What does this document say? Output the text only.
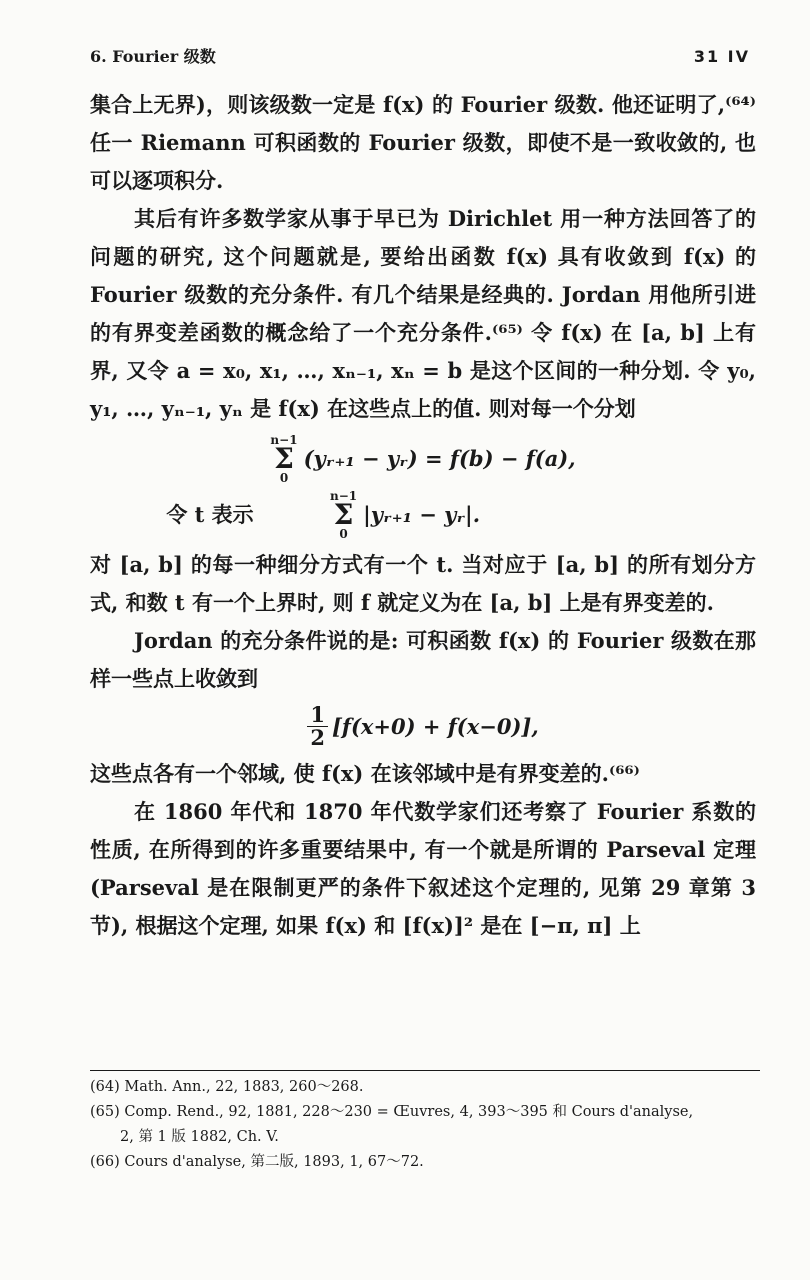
6. Fourier 级数	31 IV

集合上无界)，则该级数一定是 f(x) 的 Fourier 级数. 他还证明了,⁽⁶⁴⁾ 任一 Riemann 可积函数的 Fourier 级数，即使不是一致收敛的, 也可以逐项积分.

其后有许多数学家从事于早已为 Dirichlet 用一种方法回答了的问题的研究, 这个问题就是, 要给出函数 f(x) 具有收敛到 f(x) 的 Fourier 级数的充分条件. 有几个结果是经典的. Jordan 用他所引进的有界变差函数的概念给了一个充分条件.⁽⁶⁵⁾ 令 f(x) 在 [a, b] 上有界, 又令 a = x₀, x₁, …, xₙ₋₁, xₙ = b 是这个区间的一种分划. 令 y₀, y₁, …, yₙ₋₁, yₙ 是 f(x) 在这些点上的值. 则对每一个分划

n−1
Σ
0
(yᵣ₊₁ − yᵣ) = f(b) − f(a),
令 t 表示
n−1
Σ
0
|yᵣ₊₁ − yᵣ|.

对 [a, b] 的每一种细分方式有一个 t. 当对应于 [a, b] 的所有划分方式, 和数 t 有一个上界时, 则 f 就定义为在 [a, b] 上是有界变差的.

Jordan 的充分条件说的是: 可积函数 f(x) 的 Fourier 级数在那样一些点上收敛到

$\frac{1}{2} [f(x+0) + f(x-0)]$,

这些点各有一个邻域, 使 f(x) 在该邻域中是有界变差的.⁽⁶⁶⁾

在 1860 年代和 1870 年代数学家们还考察了 Fourier 系数的性质, 在所得到的许多重要结果中, 有一个就是所谓的 Parseval 定理 (Parseval 是在限制更严的条件下叙述这个定理的, 见第 29 章第 3 节), 根据这个定理, 如果 f(x) 和 [f(x)]² 是在 [−π, π] 上

(64) Math. Ann., 22, 1883, 260～268.
(65) Comp. Rend., 92, 1881, 228～230 = Œuvres, 4, 393～395 和 Cours d'analyse,
2, 第 1 版 1882, Ch. V.
(66) Cours d'analyse, 第二版, 1893, 1, 67～72.
